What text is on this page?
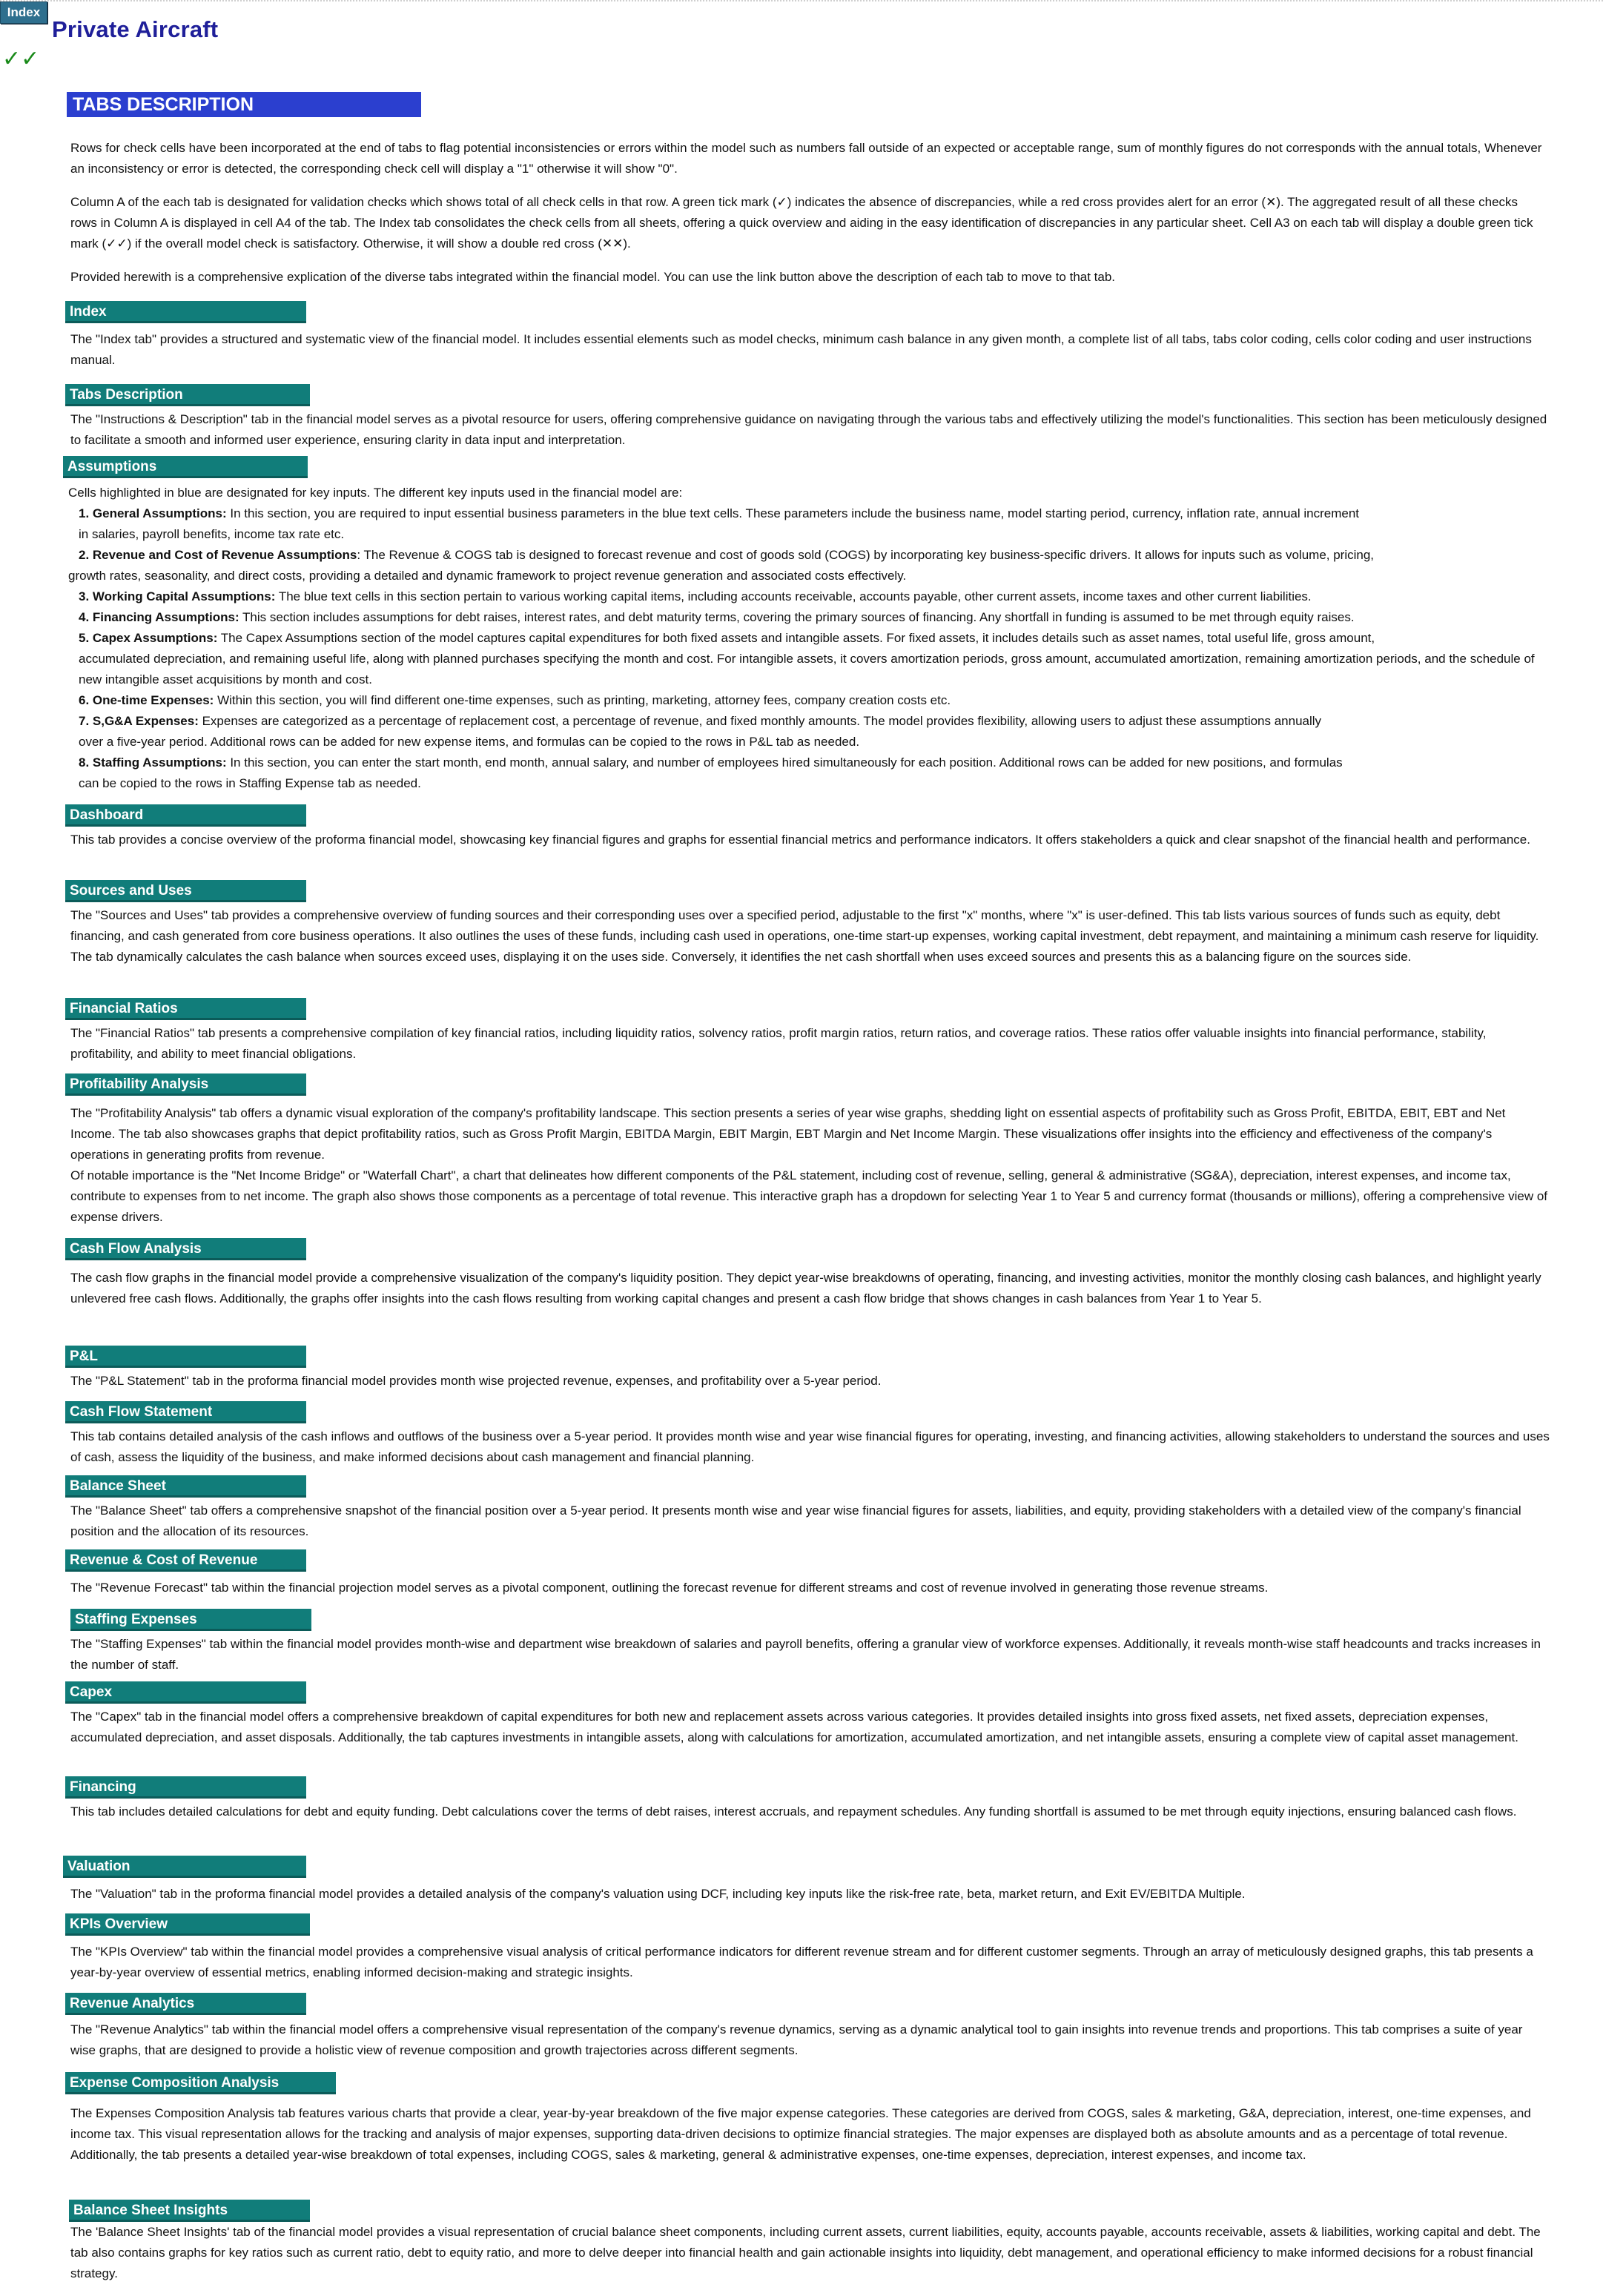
Index
Private Aircraft
✓✓
TABS DESCRIPTION

Rows for check cells have been incorporated at the end of tabs to flag potential inconsistencies or errors within the model such as numbers fall outside of an expected or acceptable range, sum of monthly figures do not corresponds with the annual totals, Whenever an inconsistency or error is detected, the corresponding check cell will display a "1" otherwise it will show "0".

Column A of the each tab is designated for validation checks which shows total of all check cells in that row. A green tick mark (✓) indicates the absence of discrepancies, while a red cross provides alert for an error (✕). The aggregated result of all these checks rows in Column A is displayed in cell A4 of the tab. The Index tab consolidates the check cells from all sheets, offering a quick overview and aiding in the easy identification of discrepancies in any particular sheet. Cell A3 on each tab will display a double green tick mark (✓✓) if the overall model check is satisfactory. Otherwise, it will show a double red cross (✕✕).

Provided herewith is a comprehensive explication of the diverse tabs integrated within the financial model. You can use the link button above the description of each tab to move to that tab.

Index

The "Index tab" provides a structured and systematic view of the financial model. It includes essential elements such as model checks, minimum cash balance in any given month, a complete list of all tabs, tabs color coding, cells color coding and user instructions manual.

Tabs Description

The "Instructions & Description" tab in the financial model serves as a pivotal resource for users, offering comprehensive guidance on navigating through the various tabs and effectively utilizing the model's functionalities. This section has been meticulously designed to facilitate a smooth and informed user experience, ensuring clarity in data input and interpretation.

Assumptions
Cells highlighted in blue are designated for key inputs. The different key inputs used in the financial model are:
1. General Assumptions: In this section, you are required to input essential business parameters in the blue text cells. These parameters include the business name, model starting period, currency, inflation rate, annual increment
in salaries, payroll benefits, income tax rate etc.
2. Revenue and Cost of Revenue Assumptions: The Revenue & COGS tab is designed to forecast revenue and cost of goods sold (COGS) by incorporating key business-specific drivers. It allows for inputs such as volume, pricing,
growth rates, seasonality, and direct costs, providing a detailed and dynamic framework to project revenue generation and associated costs effectively.
3. Working Capital Assumptions: The blue text cells in this section pertain to various working capital items, including accounts receivable, accounts payable, other current assets, income taxes and other current liabilities.
4. Financing Assumptions: This section includes assumptions for debt raises, interest rates, and debt maturity terms, covering the primary sources of financing. Any shortfall in funding is assumed to be met through equity raises.
5. Capex Assumptions: The Capex Assumptions section of the model captures capital expenditures for both fixed assets and intangible assets. For fixed assets, it includes details such as asset names, total useful life, gross amount,
accumulated depreciation, and remaining useful life, along with planned purchases specifying the month and cost. For intangible assets, it covers amortization periods, gross amount, accumulated amortization, remaining amortization periods, and the schedule of new intangible asset acquisitions by month and cost.
6. One-time Expenses: Within this section, you will find different one-time expenses, such as printing, marketing, attorney fees, company creation costs etc.
7. S,G&A Expenses: Expenses are categorized as a percentage of replacement cost, a percentage of revenue, and fixed monthly amounts. The model provides flexibility, allowing users to adjust these assumptions annually
over a five-year period. Additional rows can be added for new expense items, and formulas can be copied to the rows in P&L tab as needed.
8. Staffing Assumptions: In this section, you can enter the start month, end month, annual salary, and number of employees hired simultaneously for each position. Additional rows can be added for new positions, and formulas
can be copied to the rows in Staffing Expense tab as needed.
Dashboard

This tab provides a concise overview of the proforma financial model, showcasing key financial figures and graphs for essential financial metrics and performance indicators. It offers stakeholders a quick and clear snapshot of the financial health and performance.

Sources and Uses

The "Sources and Uses" tab provides a comprehensive overview of funding sources and their corresponding uses over a specified period, adjustable to the first "x" months, where "x" is user-defined. This tab lists various sources of funds such as equity, debt financing, and cash generated from core business operations. It also outlines the uses of these funds, including cash used in operations, one-time start-up expenses, working capital investment, debt repayment, and maintaining a minimum cash reserve for liquidity. The tab dynamically calculates the cash balance when sources exceed uses, displaying it on the uses side. Conversely, it identifies the net cash shortfall when uses exceed sources and presents this as a balancing figure on the sources side.

Financial Ratios

The "Financial Ratios" tab presents a comprehensive compilation of key financial ratios, including liquidity ratios, solvency ratios, profit margin ratios, return ratios, and coverage ratios. These ratios offer valuable insights into financial performance, stability, profitability, and ability to meet financial obligations.

Profitability Analysis

The "Profitability Analysis" tab offers a dynamic visual exploration of the company's profitability landscape. This section presents a series of year wise graphs, shedding light on essential aspects of profitability such as Gross Profit, EBITDA, EBIT, EBT and Net Income. The tab also showcases graphs that depict profitability ratios, such as Gross Profit Margin, EBITDA Margin, EBIT Margin, EBT Margin and Net Income Margin. These visualizations offer insights into the efficiency and effectiveness of the company's operations in generating profits from revenue.

Of notable importance is the "Net Income Bridge" or "Waterfall Chart", a chart that delineates how different components of the P&L statement, including cost of revenue, selling, general & administrative (SG&A), depreciation, interest expenses, and income tax, contribute to expenses from to net income. The graph also shows those components as a percentage of total revenue. This interactive graph has a dropdown for selecting Year 1 to Year 5 and currency format (thousands or millions), offering a comprehensive view of expense drivers.

Cash Flow Analysis

The cash flow graphs in the financial model provide a comprehensive visualization of the company's liquidity position. They depict year-wise breakdowns of operating, financing, and investing activities, monitor the monthly closing cash balances, and highlight yearly unlevered free cash flows. Additionally, the graphs offer insights into the cash flows resulting from working capital changes and present a cash flow bridge that shows changes in cash balances from Year 1 to Year 5.

P&L

The "P&L Statement" tab in the proforma financial model provides month wise projected revenue, expenses, and profitability over a 5-year period.

Cash Flow Statement

This tab contains detailed analysis of the cash inflows and outflows of the business over a 5-year period. It provides month wise and year wise financial figures for operating, investing, and financing activities, allowing stakeholders to understand the sources and uses of cash, assess the liquidity of the business, and make informed decisions about cash management and financial planning.

Balance Sheet

The "Balance Sheet" tab offers a comprehensive snapshot of the financial position over a 5-year period. It presents month wise and year wise financial figures for assets, liabilities, and equity, providing stakeholders with a detailed view of the company's financial position and the allocation of its resources.

Revenue & Cost of Revenue

The "Revenue Forecast" tab within the financial projection model serves as a pivotal component, outlining the forecast revenue for different streams and cost of revenue involved in generating those revenue streams.

Staffing Expenses

The "Staffing Expenses" tab within the financial model provides month-wise and department wise breakdown of salaries and payroll benefits, offering a granular view of workforce expenses. Additionally, it reveals month-wise staff headcounts and tracks increases in the number of staff.

Capex

The "Capex" tab in the financial model offers a comprehensive breakdown of capital expenditures for both new and replacement assets across various categories. It provides detailed insights into gross fixed assets, net fixed assets, depreciation expenses, accumulated depreciation, and asset disposals. Additionally, the tab captures investments in intangible assets, along with calculations for amortization, accumulated amortization, and net intangible assets, ensuring a complete view of capital asset management.

Financing

This tab includes detailed calculations for debt and equity funding. Debt calculations cover the terms of debt raises, interest accruals, and repayment schedules. Any funding shortfall is assumed to be met through equity injections, ensuring balanced cash flows.

Valuation

The "Valuation" tab in the proforma financial model provides a detailed analysis of the company's valuation using DCF, including key inputs like the risk-free rate, beta, market return, and Exit EV/EBITDA Multiple.

KPIs Overview

The "KPIs Overview" tab within the financial model provides a comprehensive visual analysis of critical performance indicators for different revenue stream and for different customer segments. Through an array of meticulously designed graphs, this tab presents a year-by-year overview of essential metrics, enabling informed decision-making and strategic insights.

Revenue Analytics

The "Revenue Analytics" tab within the financial model offers a comprehensive visual representation of the company's revenue dynamics, serving as a dynamic analytical tool to gain insights into revenue trends and proportions. This tab comprises a suite of year wise graphs, that are designed to provide a holistic view of revenue composition and growth trajectories across different segments.

Expense Composition Analysis

The Expenses Composition Analysis tab features various charts that provide a clear, year-by-year breakdown of the five major expense categories. These categories are derived from COGS, sales & marketing, G&A, depreciation, interest, one-time expenses, and income tax. This visual representation allows for the tracking and analysis of major expenses, supporting data-driven decisions to optimize financial strategies. The major expenses are displayed both as absolute amounts and as a percentage of total revenue. Additionally, the tab presents a detailed year-wise breakdown of total expenses, including COGS, sales & marketing, general & administrative expenses, one-time expenses, depreciation, interest expenses, and income tax.

Balance Sheet Insights

The 'Balance Sheet Insights' tab of the financial model provides a visual representation of crucial balance sheet components, including current assets, current liabilities, equity, accounts payable, accounts receivable, assets & liabilities, working capital and debt. The tab also contains graphs for key ratios such as current ratio, debt to equity ratio, and more to delve deeper into financial health and gain actionable insights into liquidity, debt management, and operational efficiency to make informed decisions for a robust financial strategy.
